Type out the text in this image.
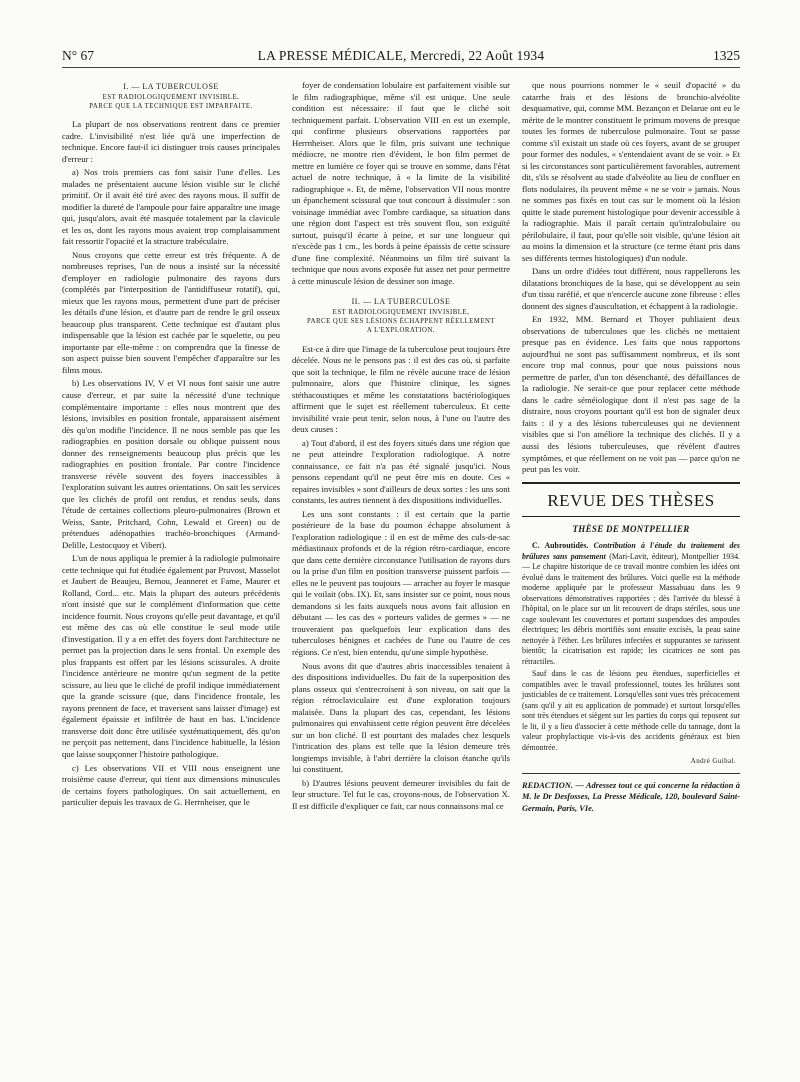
N° 67	LA PRESSE MÉDICALE, Mercredi, 22 Août 1934	1325
I. — LA TUBERCULOSE
EST RADIOLOGIQUEMENT INVISIBLE,
PARCE QUE LA TECHNIQUE EST IMPARFAITE.

La plupart de nos observations rentrent dans ce premier cadre. L'invisibilité n'est liée qu'à une imperfection de technique. Encore faut-il ici distinguer trois causes principales d'erreur :

a) Nos trois premiers cas font saisir l'une d'elles. Les malades ne présentaient aucune lésion visible sur le cliché primitif. Or il avait été tiré avec des rayons mous. Il suffit de modifier la dureté de l'ampoule pour faire apparaître une image qui, jusqu'alors, avait été masquée totalement par la clavicule et les os, dont les rayons mous avaient trop complaisamment fait ressortir l'opacité et la structure trabéculaire.

Nous croyons que cette erreur est très fréquente. A de nombreuses reprises, l'un de nous a insisté sur la nécessité d'employer en radiologie pulmonaire des rayons durs (complétés par l'interposition de l'antidiffuseur rotatif), qui, mieux que les rayons mous, permettent d'une part de préciser les détails d'une lésion, et d'autre part de rendre le gril osseux beaucoup plus transparent. Cette technique est d'autant plus indispensable que la lésion est cachée par le squelette, ou peu importante par elle-même : on comprendra que la finesse de son aspect puisse bien souvent l'empêcher d'apparaître sur les films mous.

b) Les observations IV, V et VI nous font saisir une autre cause d'erreur, et par suite la nécessité d'une technique complémentaire importante : elles nous montrent que des lésions, invisibles en position frontale, apparaissent aisément dès qu'on modifie l'incidence. Il ne nous semble pas que les radiographies en position dorsale ou oblique puissent nous donner des renseignements beaucoup plus précis que les radiographies en position frontale. Par contre l'incidence transverse révèle souvent des foyers inaccessibles à l'exploration suivant les autres orientations. On sait les services que les clichés de profil ont rendus, et rendus seuls, dans l'étude de certaines collections pleuro-pulmonaires (Brown et Weiss, Sante, Pritchard, Cohn, Lewald et Green) ou de prétendues adénopathies trachéo-bronchiques (Armand-Delille, Lestocquoy et Vibert).

L'un de nous appliqua le premier à la radiologie pulmonaire cette technique qui fut étudiée également par Pruvost, Masselot et Jaubert de Beaujeu, Bernou, Jeanneret et Fame, Maurer et Rolland, Cord... etc. Mais la plupart des auteurs précédents n'ont insisté que sur le complément d'information que cette incidence fournit. Nous croyons qu'elle peut davantage, et qu'il est même des cas où elle constitue le seul mode utile d'investigation. Il y a en effet des foyers dont l'architecture ne permet pas la projection dans le sens frontal. Un exemple des plus frappants est offert par les lésions scissurales. A droite l'incidence antérieure ne montre qu'un segment de la petite scissure, au lieu que le cliché de profil indique immédiatement que la grande scissure (que, dans l'incidence frontale, les rayons prennent de face, et traversent sans laisser d'image) est également épaissie et infiltrée de haut en bas. L'incidence transverse doit donc être utilisée systématiquement, dès qu'on ne perçoit pas nettement, dans l'incidence habituelle, la lésion que laisse soupçonner l'histoire pathologique.

c) Les observations VII et VIII nous enseignent une troisième cause d'erreur, qui tient aux dimensions minuscules de certains foyers pathologiques. On sait actuellement, en particulier depuis les travaux de G. Herrnheiser, que le

foyer de condensation lobulaire est parfaitement visible sur le film radiographique, même s'il est unique. Une seule condition est nécessaire: il faut que le cliché soit techniquement parfait. L'observation VIII en est un exemple, qui confirme plusieurs observations rapportées par Herrnheiser. Alors que le film, pris suivant une technique médiocre, ne montre rien d'évident, le bon film permet de mettre en lumière ce foyer qui se trouve en somme, dans l'état actuel de notre technique, à « la limite de la visibilité radiographique ». Et, de même, l'observation VII nous montre un épanchement scissural que tout concourt à dissimuler : son voisinage immédiat avec l'ombre cardiaque, sa situation dans une région dont l'aspect est très souvent flou, son exiguïté surtout, puisqu'il écarte à peine, et sur une longueur qui n'excède pas 1 cm., les bords à peine épaissis de cette scissure d'une fine complexité. Néanmoins un film tiré suivant la technique que nous avons exposée fut assez net pour permettre à cette minuscule lésion de dessiner son image.

II. — LA TUBERCULOSE
EST RADIOLOGIQUEMENT INVISIBLE,
PARCE QUE SES LÉSIONS ÉCHAPPENT RÉELLEMENT
A L'EXPLORATION.

Est-ce à dire que l'image de la tuberculose peut toujours être décelée. Nous ne le pensons pas : il est des cas où, si parfaite que soit la technique, le film ne révèle aucune trace de lésion pulmonaire, alors que l'histoire clinique, les signes stéthacoustiques et même les constatations bactériologiques affirment que le sujet est réellement tuberculeux. Et cette invisibilité vraie peut tenir, selon nous, à l'une ou l'autre des deux causes :

a) Tout d'abord, il est des foyers situés dans une région que ne peut atteindre l'exploration radiologique. A notre connaissance, ce fait n'a pas été signalé jusqu'ici. Nous pensons cependant qu'il ne peut être mis en doute. Ces « repaires invisibles » sont d'ailleurs de deux sortes : les uns sont constants, les autres tiennent à des dispositions individuelles.

Les uns sont constants : il est certain que la partie postérieure de la base du poumon échappe absolument à l'exploration radiologique : il en est de même des culs-de-sac médiastinaux profonds et de la région rétro-cardiaque, encore que dans cette dernière circonstance l'utilisation de rayons durs ou la prise d'un film en position transverse puissent parfois — elles ne le peuvent pas toujours — arracher au foyer le masque qui le voilait (obs. IX). Et, sans insister sur ce point, nous nous demandons si les faits auxquels nous avons fait allusion en débutant — les cas des « porteurs valides de germes » — ne trouveraient pas quelquefois leur explication dans des tuberculoses bénignes et cachées de l'une ou l'autre de ces régions. Ce n'est, bien entendu, qu'une simple hypothèse.

Nous avons dit que d'autres abris inaccessibles tenaient à des dispositions individuelles. Du fait de la superposition des plans osseux qui s'entrecroisent à son niveau, on sait que la région rétroclaviculaire est d'une exploration toujours malaisée. Dans la plupart des cas, cependant, les lésions pulmonaires qui envahissent cette région peuvent être décelées sur un bon cliché. Il est pourtant des malades chez lesquels l'intrication des plans est telle que la lésion demeure très longtemps invisible, à l'abri derrière la cloison étanche qu'ils lui constituent.

b) D'autres lésions peuvent demeurer invisibles du fait de leur structure. Tel fut le cas, croyons-nous, de l'observation X. Il est difficile d'expliquer ce fait, car nous connaissons mal ce

que nous pourrions nommer le « seuil d'opacité » du catarrhe frais et des lésions de bronchio-alvéolite desquamative, qui, comme MM. Bezançon et Delarue ont eu le mérite de le montrer constituent le primum movens de presque toutes les formes de tuberculose pulmonaire. Tout se passe comme s'il existait un stade où ces foyers, avant de se grouper pour former des nodules, « s'entendaient avant de se voir. » Et si les circonstances sont particulièrement favorables, autrement dit, s'ils se résolvent au stade d'alvéolite au lieu de confluer en flots nodulaires, ils peuvent même « ne se voir » jamais. Nous ne sommes pas fixés en tout cas sur le moment où la lésion quitte le stade purement histologique pour devenir accessible à la radiographie. Mais il paraît certain qu'intralobulaire ou périlobulaire, il faut, pour qu'elle soit visible, qu'une lésion ait au moins la dimension et la structure (ce terme étant pris dans ses différents termes histologiques) d'un nodule.

Dans un ordre d'idées tout différent, nous rappellerons les dilatations bronchiques de la base, qui se développent au sein d'un tissu raréfié, et que n'encercle aucune zone fibreuse : elles donnent des signes d'auscultation, et échappent à la radiologie.

En 1932, MM. Bernard et Thoyer publiaient deux observations de tuberculoses que les clichés ne mettaient presque pas en évidence. Les faits que nous rapportons aujourd'hui ne sont pas suffisamment nombreux, et ils sont encore trop mal connus, pour que nous puissions nous permettre de parler, d'un ton désenchanté, des défaillances de la radiologie. Ne serait-ce que pour replacer cette méthode dans le cadre séméiologique dont il n'est pas sage de la distraire, nous croyons pourtant qu'il est bon de signaler deux faits : il y a des lésions tuberculeuses qui ne deviennent visibles que si l'on améliore la technique des clichés. Il y a aussi des lésions tuberculeuses, que révèlent d'autres symptômes, et que réellement on ne voit pas — parce qu'on ne peut pas les voir.

REVUE DES THÈSES
THÈSE DE MONTPELLIER

C. Aubroutidès. Contribution à l'étude du traitement des brûlures sans pansement (Mari-Lavit, éditeur), Montpellier 1934. — Le chapitre historique de ce travail montre combien les idées ont évolué dans le traitement des brûlures. Voici quelle est la méthode moderne appliquée par le professeur Massabuau dans les 9 observations démonstratives rapportées : dès l'arrivée du blessé à l'hôpital, on le place sur un lit recouvert de draps stériles, sous une cage soulevant les couvertures et portant suspendues des ampoules électriques; les débris mortifiés sont ensuite excisés, la peau saine nettoyée à l'éther. Les brûlures infectées et suppurantes se tarissent bientôt; la cicatrisation est rapide; les cicatrices ne sont pas rétractiles.

Sauf dans le cas de lésions peu étendues, superficielles et compatibles avec le travail professionnel, toutes les brûlures sont justiciables de ce traitement. Lorsqu'elles sont vues très précocement (sans qu'il y ait eu application de pommade) et surtout lorsqu'elles sont très étendues et siègent sur les parties du corps qui reposent sur le lit, il y a lieu d'associer à cette méthode celle du tannage, dont la valeur prophylactique vis-à-vis des accidents généraux est bien démontrée.

André Guibal.
REDACTION. — Adressez tout ce qui concerne la rédaction à M. le Dr Desfosses, La Presse Médicale, 120, boulevard Saint-Germain, Paris, VIe.
